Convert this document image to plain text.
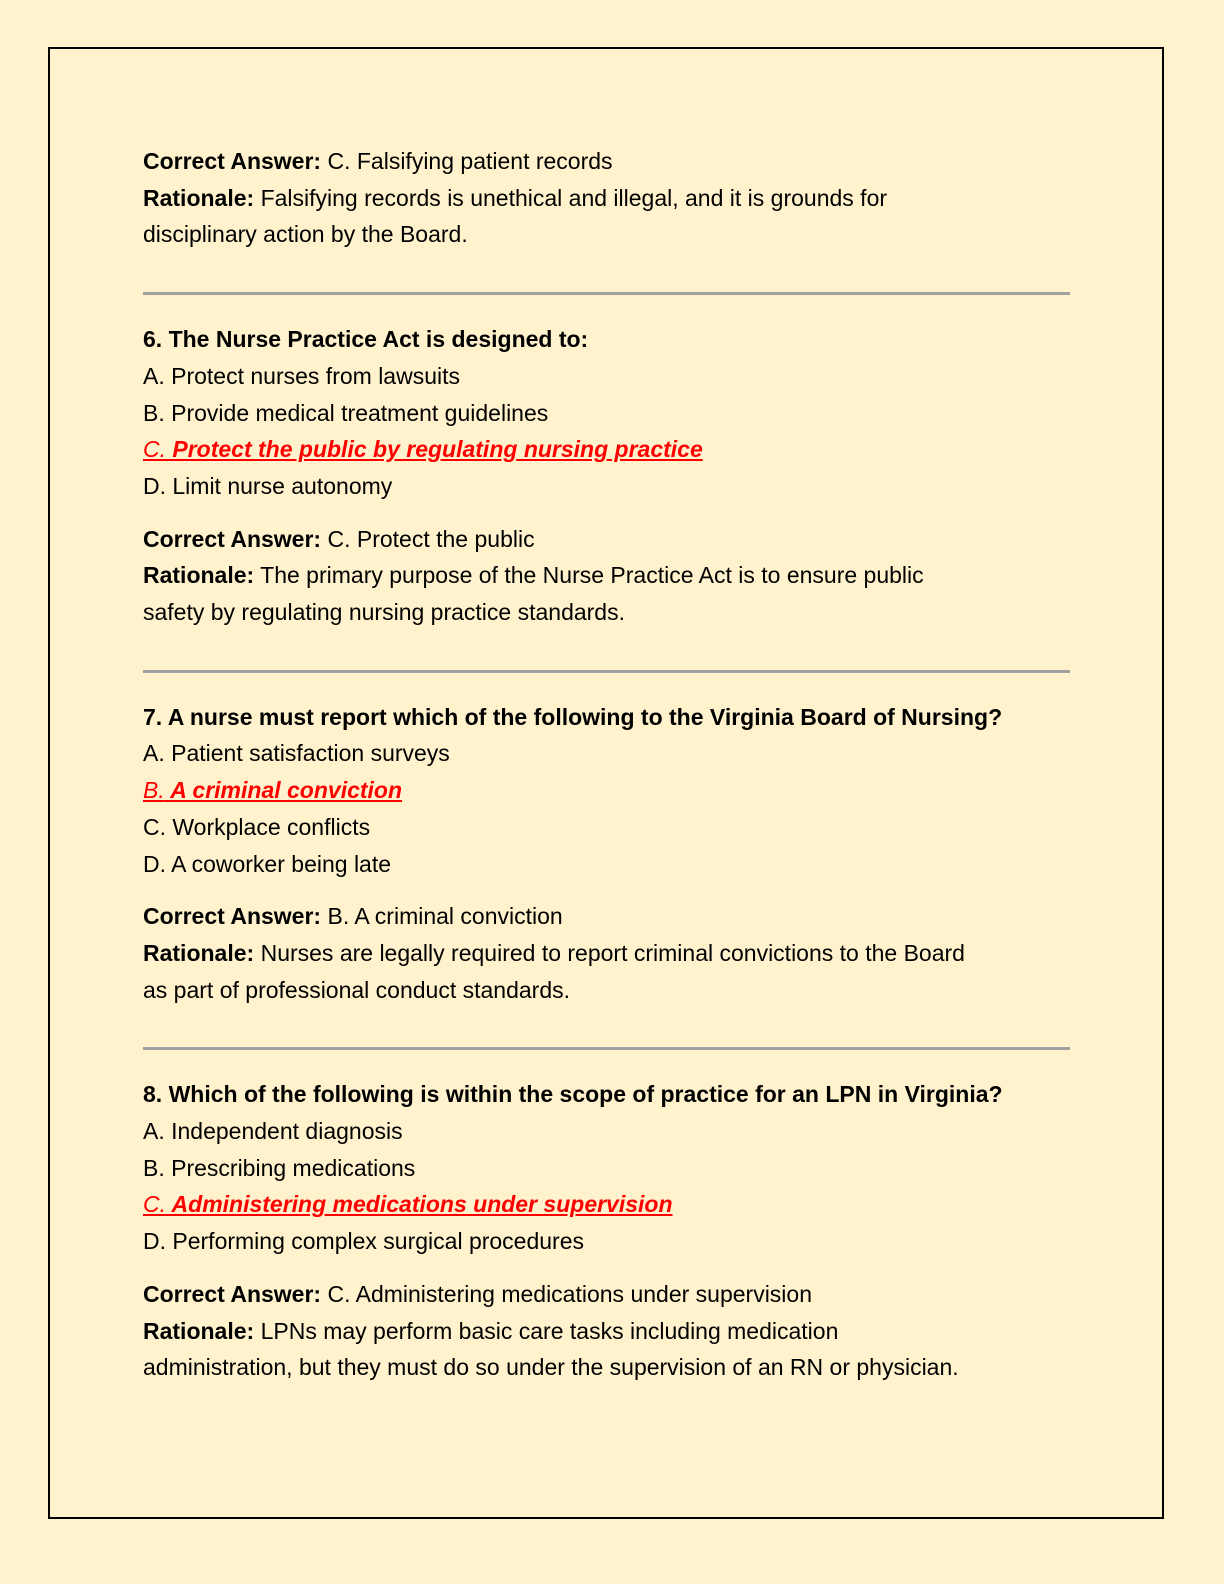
Correct Answer: C. Falsifying patient records
Rationale: Falsifying records is unethical and illegal, and it is grounds for
disciplinary action by the Board.
6. The Nurse Practice Act is designed to:
A. Protect nurses from lawsuits
B. Provide medical treatment guidelines
C. Protect the public by regulating nursing practice
D. Limit nurse autonomy
Correct Answer: C. Protect the public
Rationale: The primary purpose of the Nurse Practice Act is to ensure public
safety by regulating nursing practice standards.
7. A nurse must report which of the following to the Virginia Board of Nursing?
A. Patient satisfaction surveys
B. A criminal conviction
C. Workplace conflicts
D. A coworker being late
Correct Answer: B. A criminal conviction
Rationale: Nurses are legally required to report criminal convictions to the Board
as part of professional conduct standards.
8. Which of the following is within the scope of practice for an LPN in Virginia?
A. Independent diagnosis
B. Prescribing medications
C. Administering medications under supervision
D. Performing complex surgical procedures
Correct Answer: C. Administering medications under supervision
Rationale: LPNs may perform basic care tasks including medication
administration, but they must do so under the supervision of an RN or physician.
